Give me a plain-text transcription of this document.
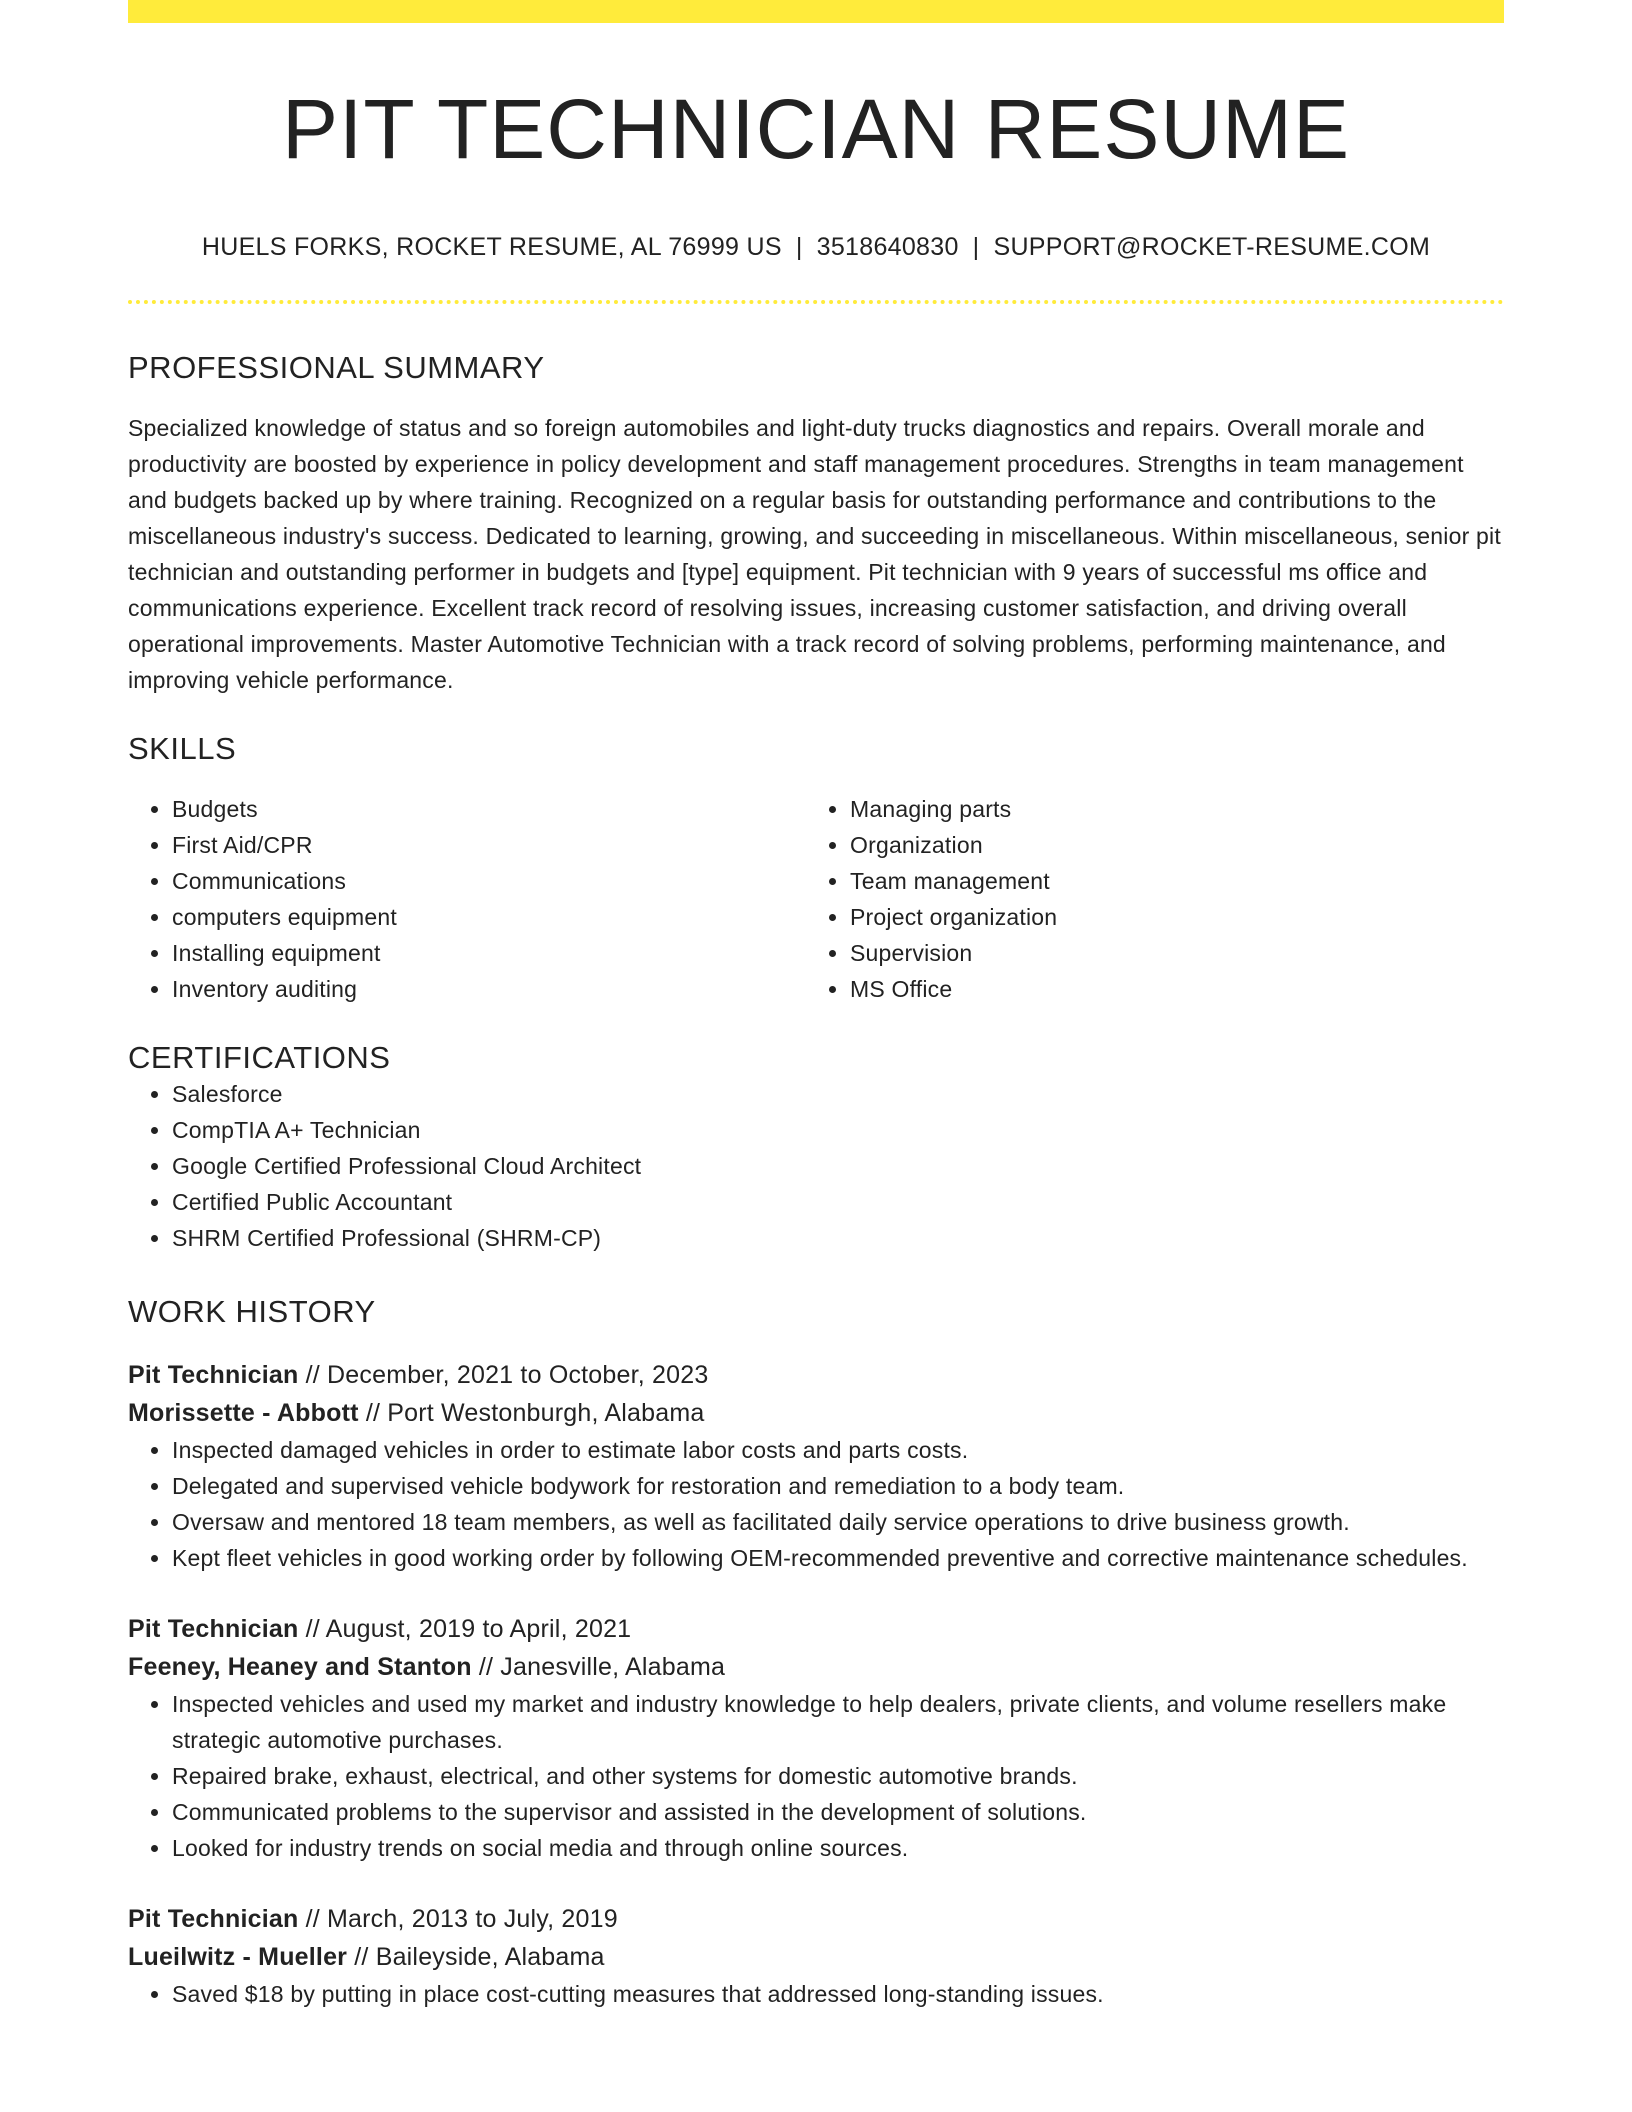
PIT TECHNICIAN RESUME
HUELS FORKS, ROCKET RESUME, AL 76999 US | 3518640830 | SUPPORT@ROCKET-RESUME.COM
PROFESSIONAL SUMMARY
Specialized knowledge of status and so foreign automobiles and light-duty trucks diagnostics and repairs. Overall morale and productivity are boosted by experience in policy development and staff management procedures. Strengths in team management and budgets backed up by where training. Recognized on a regular basis for outstanding performance and contributions to the miscellaneous industry's success. Dedicated to learning, growing, and succeeding in miscellaneous. Within miscellaneous, senior pit technician and outstanding performer in budgets and [type] equipment. Pit technician with 9 years of successful ms office and communications experience. Excellent track record of resolving issues, increasing customer satisfaction, and driving overall operational improvements. Master Automotive Technician with a track record of solving problems, performing maintenance, and improving vehicle performance.
SKILLS
• Budgets
• First Aid/CPR
• Communications
• computers equipment
• Installing equipment
• Inventory auditing
• Managing parts
• Organization
• Team management
• Project organization
• Supervision
• MS Office
CERTIFICATIONS
• Salesforce
• CompTIA A+ Technician
• Google Certified Professional Cloud Architect
• Certified Public Accountant
• SHRM Certified Professional (SHRM-CP)
WORK HISTORY
Pit Technician // December, 2021 to October, 2023
Morissette - Abbott // Port Westonburgh, Alabama
• Inspected damaged vehicles in order to estimate labor costs and parts costs.
• Delegated and supervised vehicle bodywork for restoration and remediation to a body team.
• Oversaw and mentored 18 team members, as well as facilitated daily service operations to drive business growth.
• Kept fleet vehicles in good working order by following OEM-recommended preventive and corrective maintenance schedules.
Pit Technician // August, 2019 to April, 2021
Feeney, Heaney and Stanton // Janesville, Alabama
• Inspected vehicles and used my market and industry knowledge to help dealers, private clients, and volume resellers make strategic automotive purchases.
• Repaired brake, exhaust, electrical, and other systems for domestic automotive brands.
• Communicated problems to the supervisor and assisted in the development of solutions.
• Looked for industry trends on social media and through online sources.
Pit Technician // March, 2013 to July, 2019
Lueilwitz - Mueller // Baileyside, Alabama
• Saved $18 by putting in place cost-cutting measures that addressed long-standing issues.
